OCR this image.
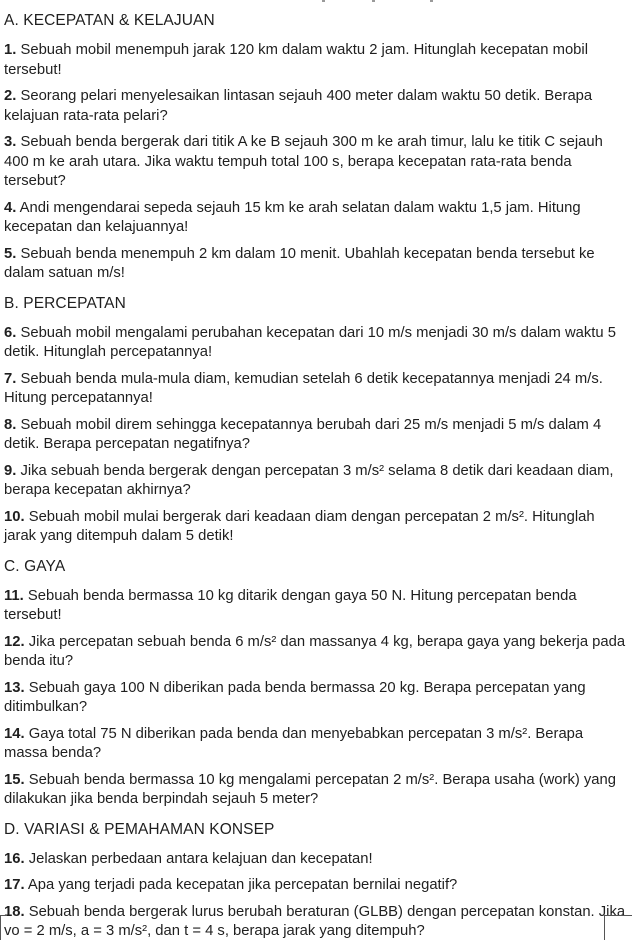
A. KECEPATAN & KELAJUAN

1. Sebuah mobil menempuh jarak 120 km dalam waktu 2 jam. Hitunglah kecepatan mobil tersebut!

2. Seorang pelari menyelesaikan lintasan sejauh 400 meter dalam waktu 50 detik. Berapa kelajuan rata-rata pelari?

3. Sebuah benda bergerak dari titik A ke B sejauh 300 m ke arah timur, lalu ke titik C sejauh 400 m ke arah utara. Jika waktu tempuh total 100 s, berapa kecepatan rata-rata benda tersebut?

4. Andi mengendarai sepeda sejauh 15 km ke arah selatan dalam waktu 1,5 jam. Hitung kecepatan dan kelajuannya!

5. Sebuah benda menempuh 2 km dalam 10 menit. Ubahlah kecepatan benda tersebut ke dalam satuan m/s!

B. PERCEPATAN

6. Sebuah mobil mengalami perubahan kecepatan dari 10 m/s menjadi 30 m/s dalam waktu 5 detik. Hitunglah percepatannya!

7. Sebuah benda mula-mula diam, kemudian setelah 6 detik kecepatannya menjadi 24 m/s. Hitung percepatannya!

8. Sebuah mobil direm sehingga kecepatannya berubah dari 25 m/s menjadi 5 m/s dalam 4 detik. Berapa percepatan negatifnya?

9. Jika sebuah benda bergerak dengan percepatan 3 m/s² selama 8 detik dari keadaan diam, berapa kecepatan akhirnya?

10. Sebuah mobil mulai bergerak dari keadaan diam dengan percepatan 2 m/s². Hitunglah jarak yang ditempuh dalam 5 detik!

C. GAYA

11. Sebuah benda bermassa 10 kg ditarik dengan gaya 50 N. Hitung percepatan benda tersebut!

12. Jika percepatan sebuah benda 6 m/s² dan massanya 4 kg, berapa gaya yang bekerja pada benda itu?

13. Sebuah gaya 100 N diberikan pada benda bermassa 20 kg. Berapa percepatan yang ditimbulkan?

14. Gaya total 75 N diberikan pada benda dan menyebabkan percepatan 3 m/s². Berapa massa benda?

15. Sebuah benda bermassa 10 kg mengalami percepatan 2 m/s². Berapa usaha (work) yang dilakukan jika benda berpindah sejauh 5 meter?

D. VARIASI & PEMAHAMAN KONSEP

16. Jelaskan perbedaan antara kelajuan dan kecepatan!

17. Apa yang terjadi pada kecepatan jika percepatan bernilai negatif?

18. Sebuah benda bergerak lurus berubah beraturan (GLBB) dengan percepatan konstan. Jika vo = 2 m/s, a = 3 m/s², dan t = 4 s, berapa jarak yang ditempuh?
